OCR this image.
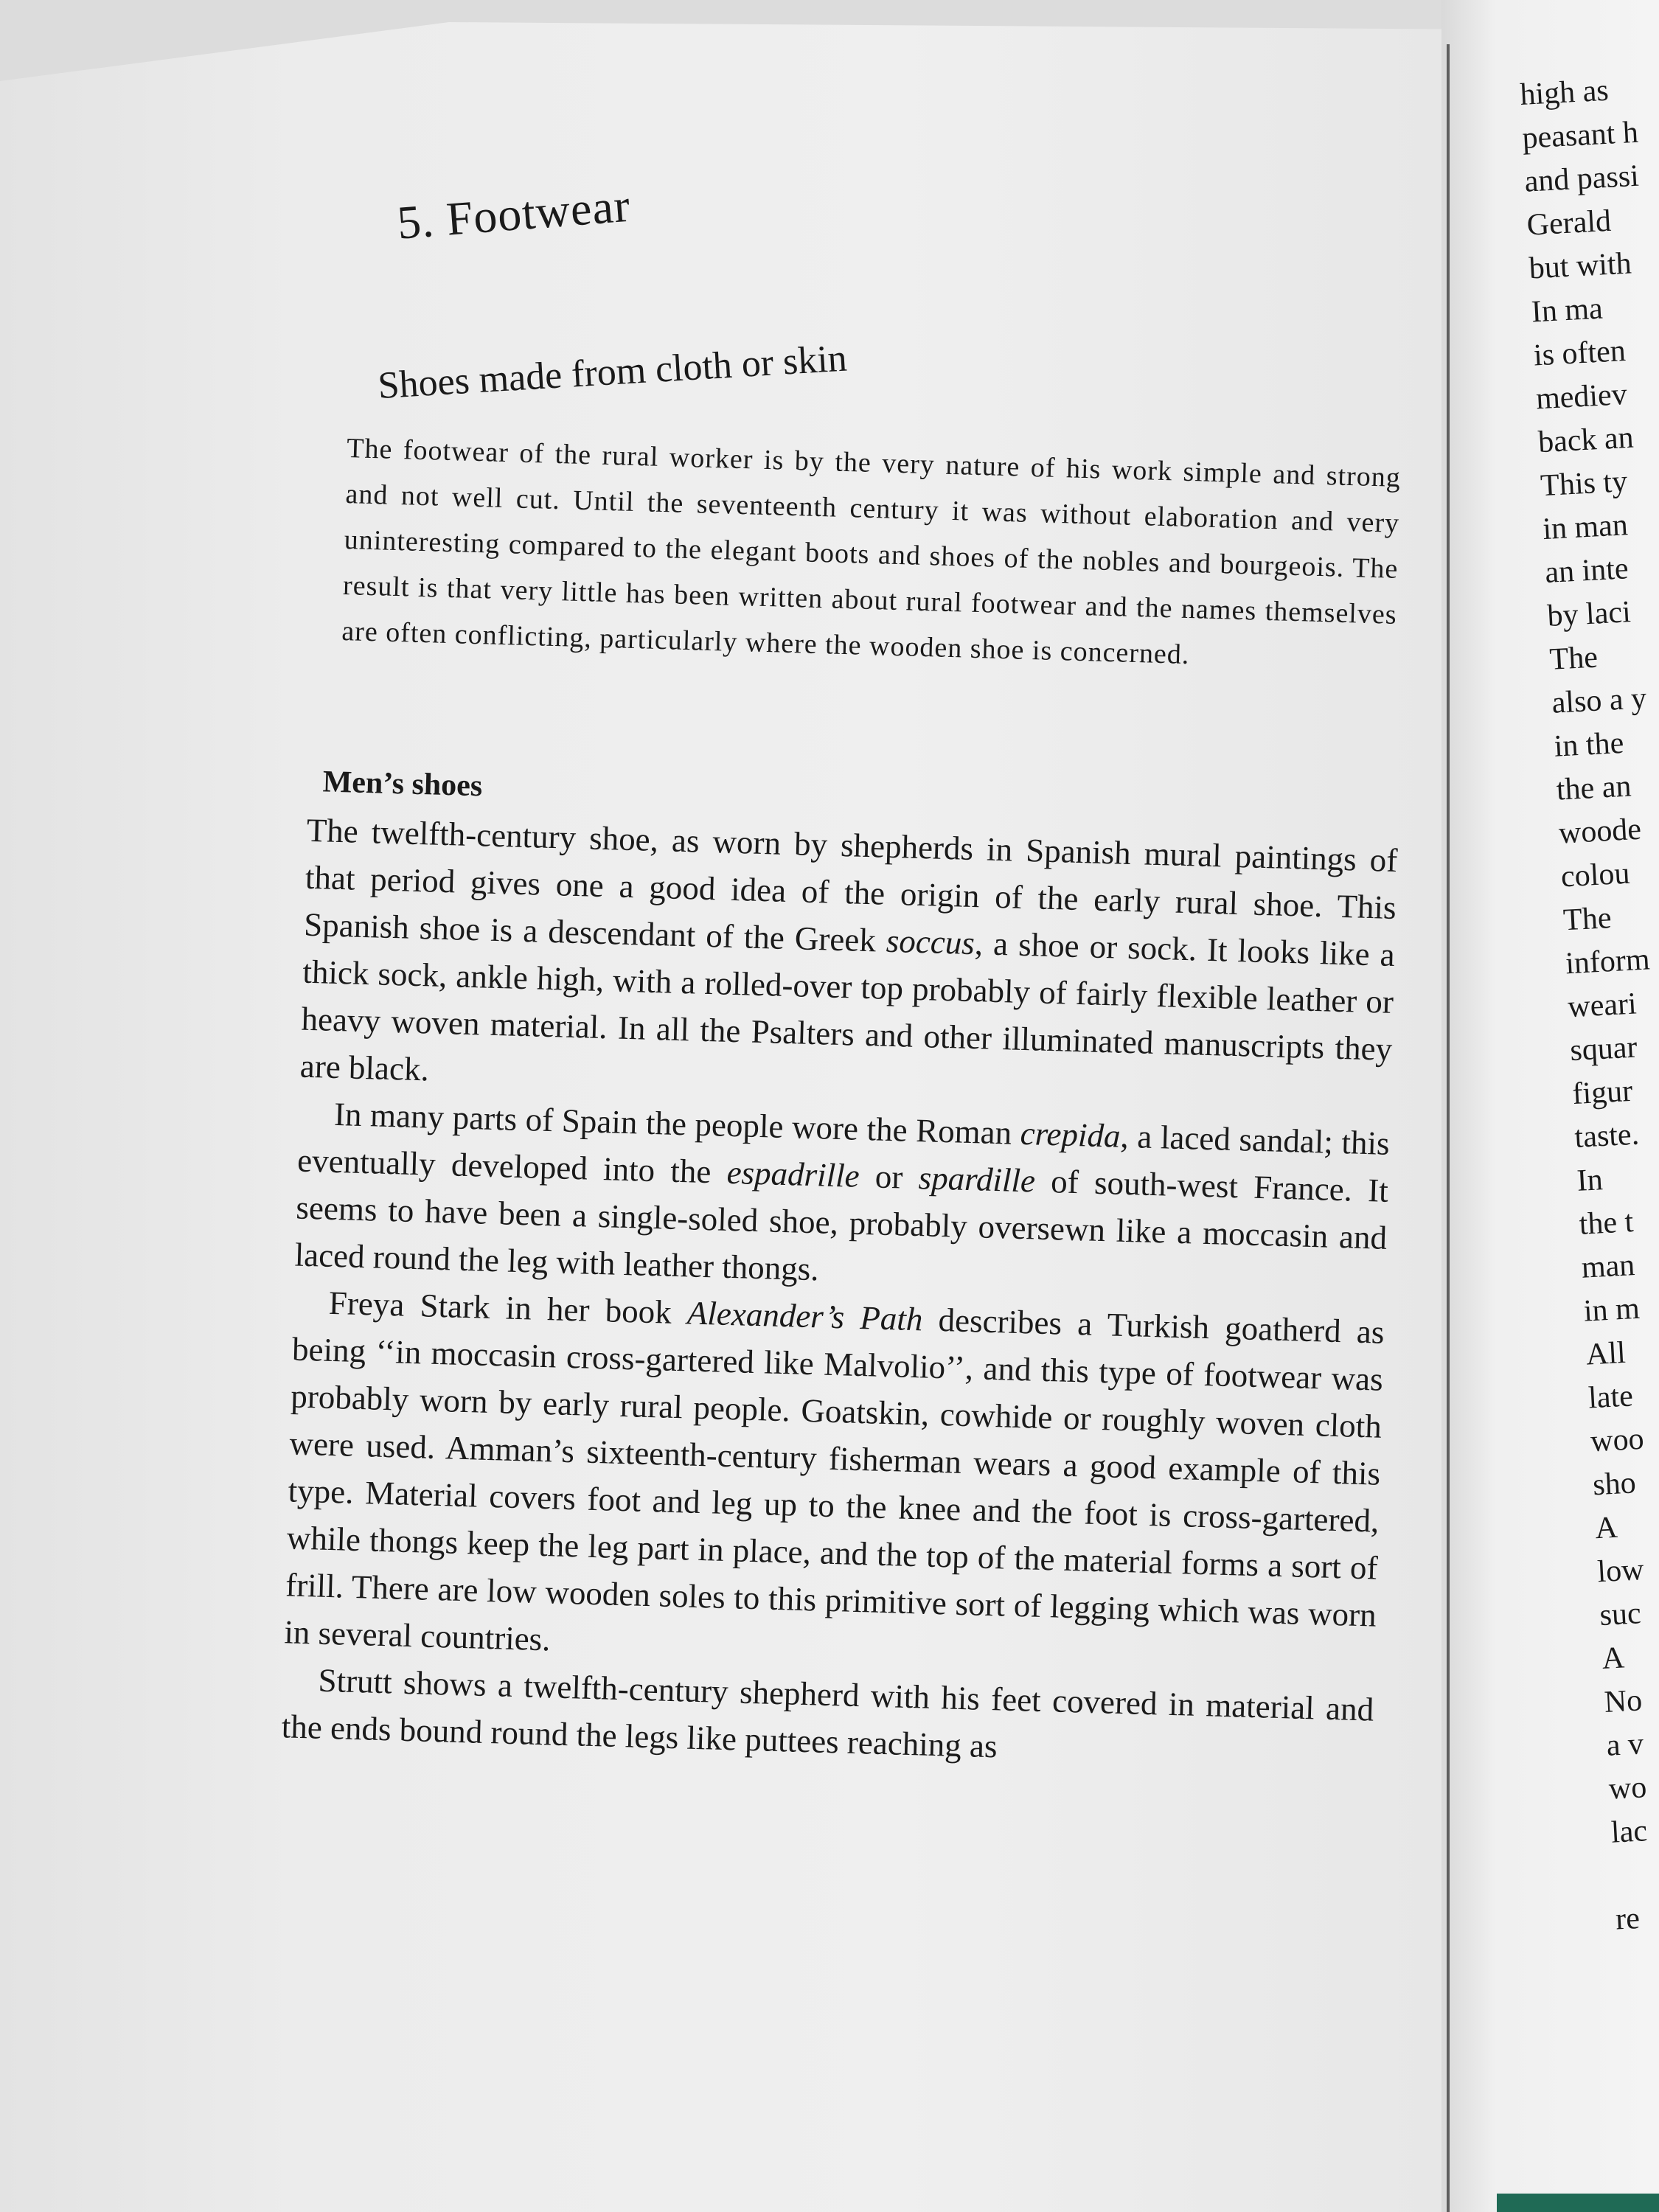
5. Footwear
Shoes made from cloth or skin

The footwear of the rural worker is by the very nature of his work simple and strong and not well cut. Until the seventeenth century it was without elaboration and very uninteresting compared to the elegant boots and shoes of the nobles and bourgeois. The result is that very little has been written about rural footwear and the names themselves are often conflicting, particularly where the wooden shoe is concerned.

Men’s shoes

The twelfth-century shoe, as worn by shepherds in Spanish mural paintings of that period gives one a good idea of the origin of the early rural shoe. This Spanish shoe is a descendant of the Greek soccus, a shoe or sock. It looks like a thick sock, ankle high, with a rolled-over top probably of fairly flexible leather or heavy woven material. In all the Psalters and other illuminated manuscripts they are black.

In many parts of Spain the people wore the Roman crepida, a laced sandal; this eventually developed into the espadrille or spardille of south-west France. It seems to have been a single-soled shoe, probably oversewn like a moccasin and laced round the leg with leather thongs.

Freya Stark in her book Alexander’s Path describes a Turkish goatherd as being ‘‘in moccasin cross-gartered like Malvolio’’, and this type of footwear was probably worn by early rural people. Goatskin, cowhide or roughly woven cloth were used. Amman’s sixteenth-century fisherman wears a good example of this type. Material covers foot and leg up to the knee and the foot is cross-gartered, while thongs keep the leg part in place, and the top of the material forms a sort of frill. There are low wooden soles to this primitive sort of legging which was worn in several countries.

Strutt shows a twelfth-century shepherd with his feet covered in material and the ends bound round the legs like puttees reaching as

high as
peasant h
and passi
Gerald
but with
In ma
is often
mediev
back an
This ty
in man
an inte
by laci
The
also a y
in the
the an
woode
colou
The
inform
weari
squar
figur
taste.
In
the t
man
in m
All
late
woo
sho
A
low
suc
A
No
a v
wo
lac
re
